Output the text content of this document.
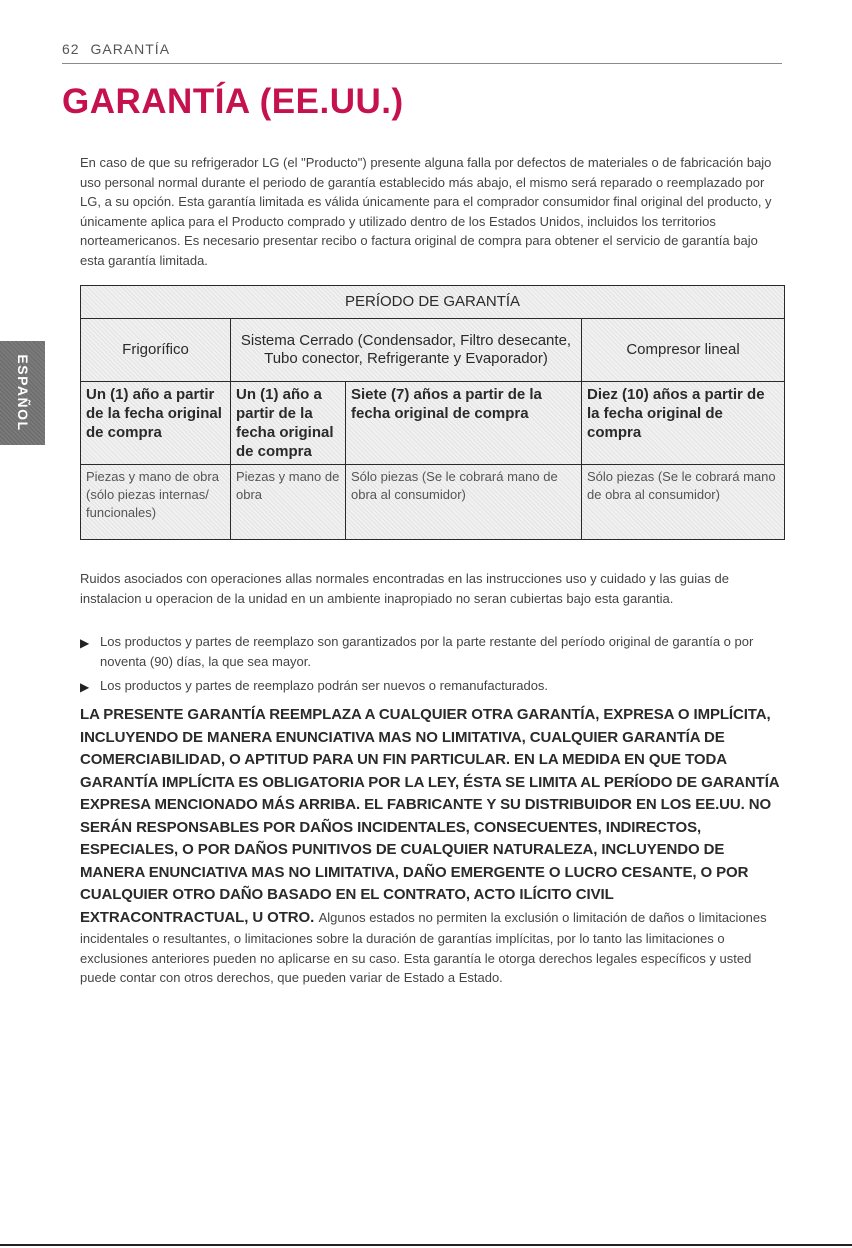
62 GARANTÍA
GARANTÍA (EE.UU.)
ESPAÑOL

En caso de que su refrigerador LG (el "Producto") presente alguna falla por defectos de materiales o de fabricación bajo uso personal normal durante el periodo de garantía establecido más abajo, el mismo será reparado o reemplazado por LG, a su opción. Esta garantía limitada es válida únicamente para el comprador consumidor final original del producto, y únicamente aplica para el Producto comprado y utilizado dentro de los Estados Unidos, incluidos los territorios norteamericanos. Es necesario presentar recibo o factura original de compra para obtener el servicio de garantía bajo esta garantía limitada.

PERÍODO DE GARANTÍA			
Frigorífico	Sistema Cerrado (Condensador, Filtro desecante, Tubo conector, Refrigerante y Evaporador)		Compresor lineal
Un (1) año a partir de la fecha original de compra	Un (1) año a partir de la fecha original de compra	Siete (7) años a partir de la fecha original de compra	Diez (10) años a partir de la fecha original de compra
Piezas y mano de obra (sólo piezas internas/ funcionales)	Piezas y mano de obra	Sólo piezas (Se le cobrará mano de obra al consumidor)	Sólo piezas (Se le cobrará mano de obra al consumidor)

Ruidos asociados con operaciones allas normales encontradas en las instrucciones uso y cuidado y las guias de instalacion u operacion de la unidad en un ambiente inapropiado no seran cubiertas bajo esta garantia.

▶ Los productos y partes de reemplazo son garantizados por la parte restante del período original de garantía o por noventa (90) días, la que sea mayor.
▶ Los productos y partes de reemplazo podrán ser nuevos o remanufacturados.
LA PRESENTE GARANTÍA REEMPLAZA A CUALQUIER OTRA GARANTÍA, EXPRESA O IMPLÍCITA, INCLUYENDO DE MANERA ENUNCIATIVA MAS NO LIMITATIVA, CUALQUIER GARANTÍA DE COMERCIABILIDAD, O APTITUD PARA UN FIN PARTICULAR. EN LA MEDIDA EN QUE TODA GARANTÍA IMPLÍCITA ES OBLIGATORIA POR LA LEY, ÉSTA SE LIMITA AL PERÍODO DE GARANTÍA EXPRESA MENCIONADO MÁS ARRIBA. EL FABRICANTE Y SU DISTRIBUIDOR EN LOS EE.UU. NO SERÁN RESPONSABLES POR DAÑOS INCIDENTALES, CONSECUENTES, INDIRECTOS, ESPECIALES, O POR DAÑOS PUNITIVOS DE CUALQUIER NATURALEZA, INCLUYENDO DE MANERA ENUNCIATIVA MAS NO LIMITATIVA, DAÑO EMERGENTE O LUCRO CESANTE, O POR CUALQUIER OTRO DAÑO BASADO EN EL CONTRATO, ACTO ILÍCITO CIVIL EXTRACONTRACTUAL, U OTRO. Algunos estados no permiten la exclusión o limitación de daños o limitaciones incidentales o resultantes, o limitaciones sobre la duración de garantías implícitas, por lo tanto las limitaciones o exclusiones anteriores pueden no aplicarse en su caso. Esta garantía le otorga derechos legales específicos y usted puede contar con otros derechos, que pueden variar de Estado a Estado.
